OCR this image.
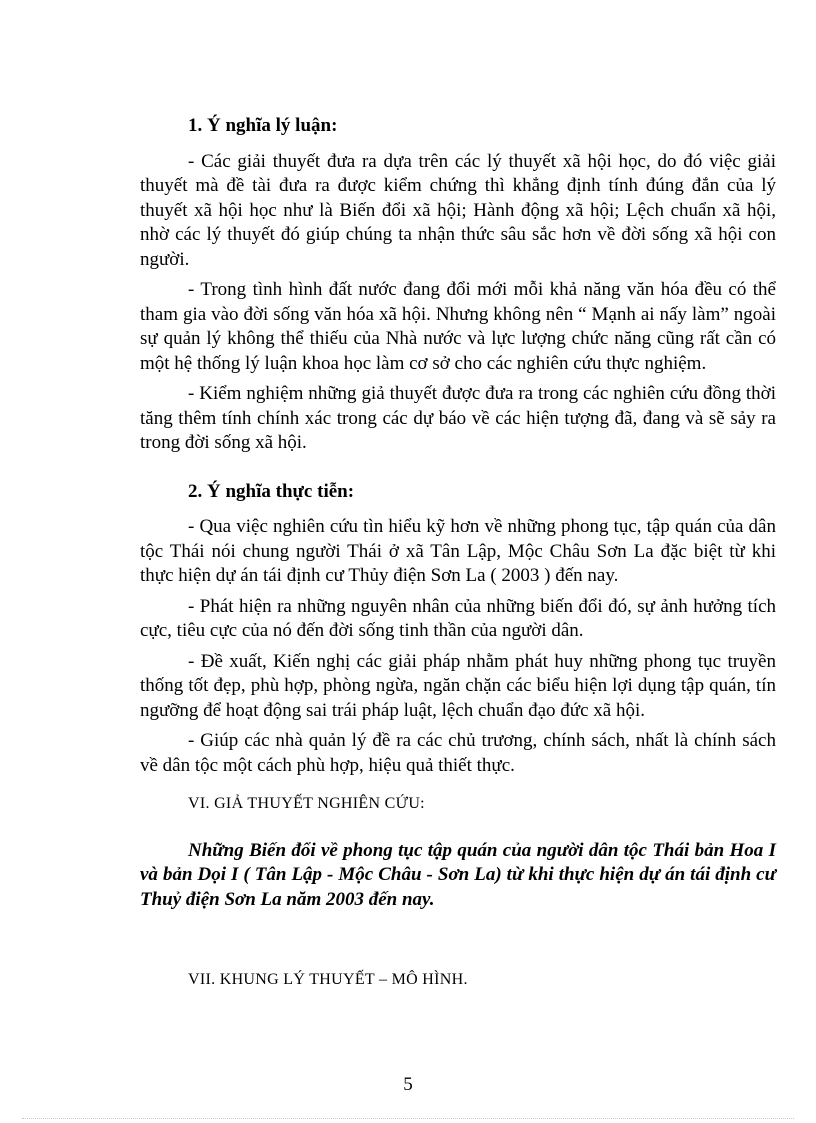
1. Ý nghĩa lý luận:

- Các giải thuyết đưa ra dựa trên các lý thuyết xã hội học, do đó việc giải thuyết mà đề tài đưa ra được kiểm chứng thì khẳng định tính đúng đắn của lý thuyết xã hội học như là Biến đổi xã hội; Hành động xã hội; Lệch chuẩn xã hội, nhờ các lý thuyết đó giúp chúng ta nhận thức sâu sắc hơn về đời sống xã hội con người.

- Trong tình hình đất nước đang đổi mới mỗi khả năng văn hóa đều có thể tham gia vào đời sống văn hóa xã hội. Nhưng không nên “ Mạnh ai nấy làm” ngoài sự quản lý không thể thiếu của Nhà nước và lực lượng chức năng cũng rất cần có một hệ thống lý luận khoa học làm cơ sở cho các nghiên cứu thực nghiệm.

- Kiểm nghiệm những giả thuyết được đưa ra trong các nghiên cứu đồng thời tăng thêm tính chính xác trong các dự báo về các hiện tượng đã, đang và sẽ sảy ra trong đời sống xã hội.

2. Ý nghĩa thực tiễn:

- Qua việc nghiên cứu tìn hiểu kỹ hơn về những phong tục, tập quán của dân tộc Thái nói chung người Thái ở xã Tân Lập, Mộc Châu Sơn La đặc biệt từ khi thực hiện dự án tái định cư Thủy điện Sơn La ( 2003 ) đến nay.

- Phát hiện ra những nguyên nhân của những biến đổi đó, sự ảnh hưởng tích cực, tiêu cực của nó đến đời sống tinh thần của người dân.

- Đề xuất, Kiến nghị các giải pháp nhằm phát huy những phong tục truyền thống tốt đẹp, phù hợp, phòng ngừa, ngăn chặn các biểu hiện lợi dụng tập quán, tín ngưỡng để hoạt động sai trái pháp luật, lệch chuẩn đạo đức xã hội.

- Giúp các nhà quản lý đề ra các chủ trương, chính sách, nhất là chính sách về dân tộc một cách phù hợp, hiệu quả thiết thực.

VI. GIẢ THUYẾT NGHIÊN CỨU:

Những Biến đổi về phong tục tập quán của người dân tộc Thái bản Hoa I và bản Dọi I ( Tân Lập - Mộc Châu - Sơn La) từ khi thực hiện dự án tái định cư Thuỷ điện Sơn La năm 2003 đến nay.

VII. KHUNG LÝ THUYẾT – MÔ HÌNH.
5
